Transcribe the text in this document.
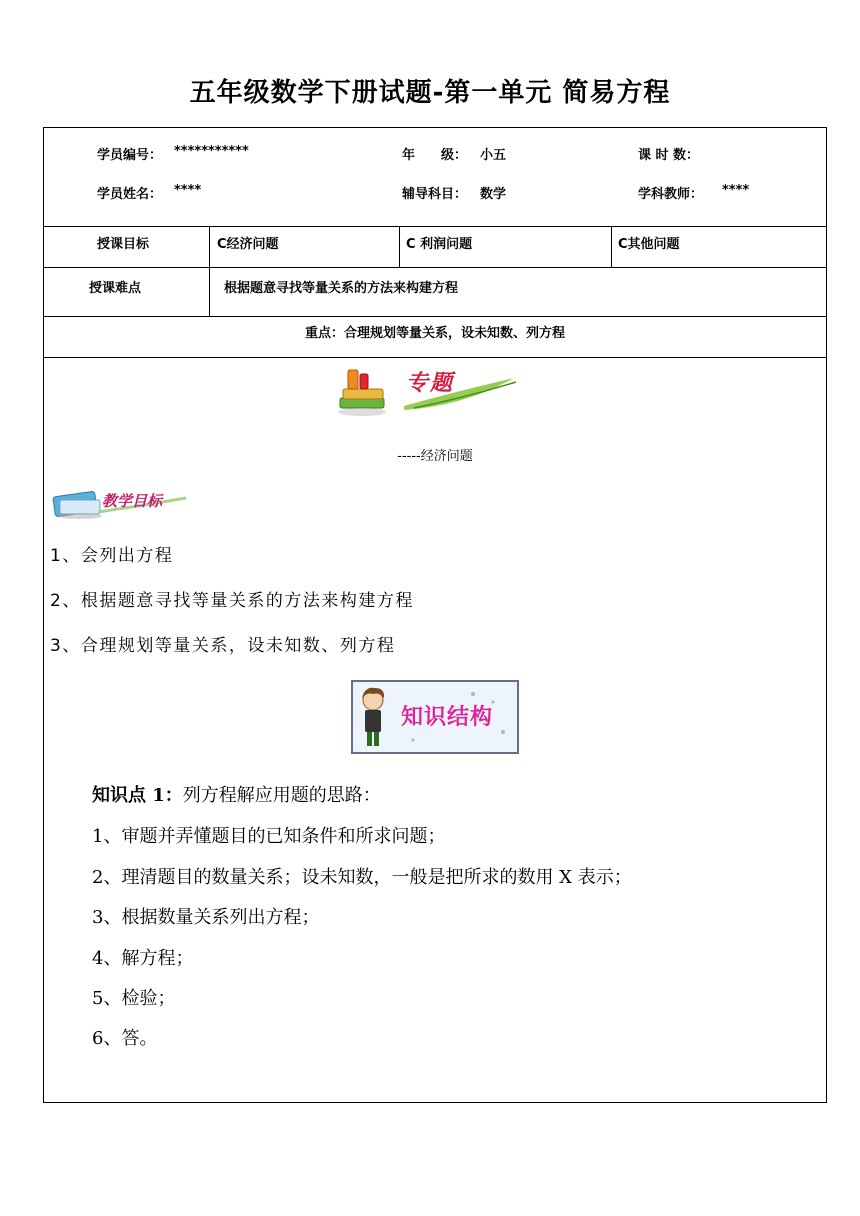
五年级数学下册试题-第一单元 简易方程
学员编号： ***********	年　　级： 小五	课 时 数：
学员姓名： ****	辅导科目： 数学	学科教师： ****
授课目标	C经济问题	C 利润问题	C其他问题
授课难点	根据题意寻找等量关系的方法来构建方程
重点：合理规划等量关系，设未知数、列方程
专题
-----经济问题
教学目标
1、会列出方程
2、根据题意寻找等量关系的方法来构建方程
3、合理规划等量关系，设未知数、列方程
知识结构
知识点 1：列方程解应用题的思路：
1、审题并弄懂题目的已知条件和所求问题；
2、理清题目的数量关系；设未知数，一般是把所求的数用 X 表示；
3、根据数量关系列出方程；
4、解方程；
5、检验；
6、答。
